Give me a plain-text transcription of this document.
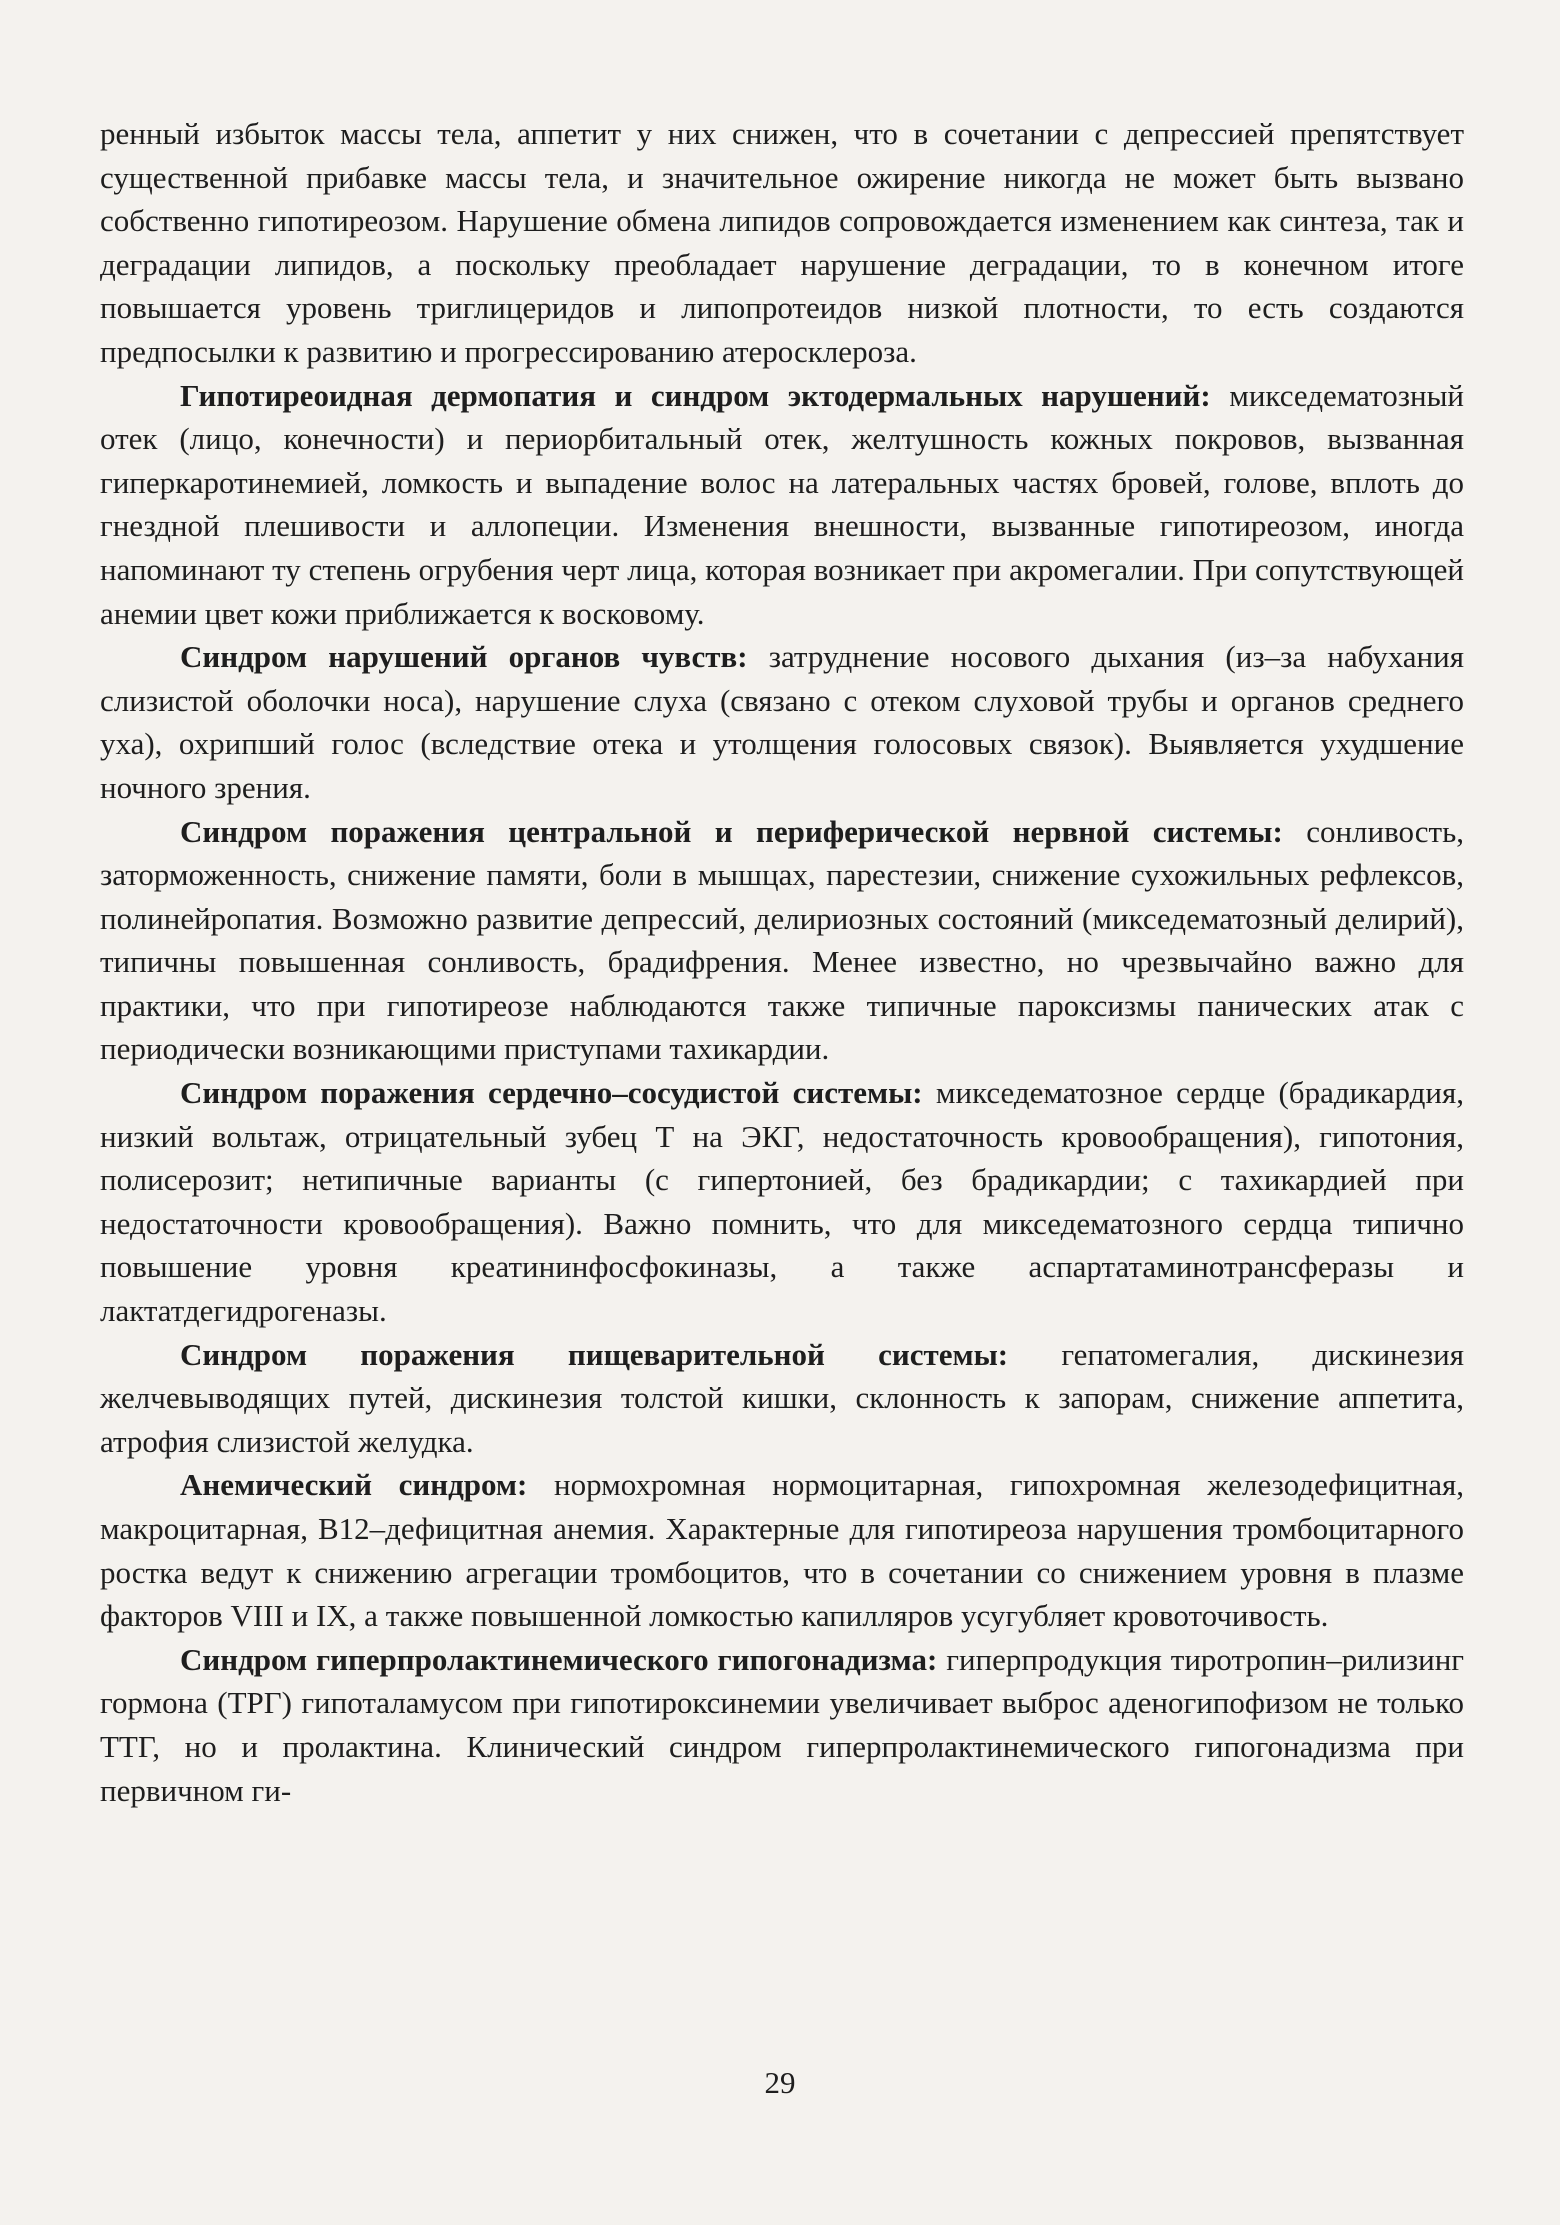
ренный избыток массы тела, аппетит у них снижен, что в сочетании с депрессией препятствует существенной прибавке массы тела, и значительное ожирение никогда не может быть вызвано собственно гипотиреозом. Нарушение обмена липидов сопровождается изменением как синтеза, так и деградации липидов, а поскольку преобладает нарушение деградации, то в конечном итоге повышается уровень триглицеридов и липопротеидов низкой плотности, то есть создаются предпосылки к развитию и прогрессированию атеросклероза.

Гипотиреоидная дермопатия и синдром эктодермальных нарушений: микседематозный отек (лицо, конечности) и периорбитальный отек, желтушность кожных покровов, вызванная гиперкаротинемией, ломкость и выпадение волос на латеральных частях бровей, голове, вплоть до гнездной плешивости и аллопеции. Изменения внешности, вызванные гипотиреозом, иногда напоминают ту степень огрубения черт лица, которая возникает при акромегалии. При сопутствующей анемии цвет кожи приближается к восковому.

Синдром нарушений органов чувств: затруднение носового дыхания (из–за набухания слизистой оболочки носа), нарушение слуха (связано с отеком слуховой трубы и органов среднего уха), охрипший голос (вследствие отека и утолщения голосовых связок). Выявляется ухудшение ночного зрения.

Синдром поражения центральной и периферической нервной системы: сонливость, заторможенность, снижение памяти, боли в мышцах, парестезии, снижение сухожильных рефлексов, полинейропатия. Возможно развитие депрессий, делириозных состояний (микседематозный делирий), типичны повышенная сонливость, брадифрения. Менее известно, но чрезвычайно важно для практики, что при гипотиреозе наблюдаются также типичные пароксизмы панических атак с периодически возникающими приступами тахикардии.

Синдром поражения сердечно–сосудистой системы: микседематозное сердце (брадикардия, низкий вольтаж, отрицательный зубец Т на ЭКГ, недостаточность кровообращения), гипотония, полисерозит; нетипичные варианты (с гипертонией, без брадикардии; с тахикардией при недостаточности кровообращения). Важно помнить, что для микседематозного сердца типично повышение уровня креатининфосфокиназы, а также аспартатаминотрансферазы и лактатдегидрогеназы.

Синдром поражения пищеварительной системы: гепатомегалия, дискинезия желчевыводящих путей, дискинезия толстой кишки, склонность к запорам, снижение аппетита, атрофия слизистой желудка.

Анемический синдром: нормохромная нормоцитарная, гипохромная железодефицитная, макроцитарная, В12–дефицитная анемия. Характерные для гипотиреоза нарушения тромбоцитарного ростка ведут к снижению агрегации тромбоцитов, что в сочетании со снижением уровня в плазме факторов VIII и IX, а также повышенной ломкостью капилляров усугубляет кровоточивость.

Синдром гиперпролактинемического гипогонадизма: гиперпродукция тиротропин–рилизинг гормона (ТРГ) гипоталамусом при гипотироксинемии увеличивает выброс аденогипофизом не только ТТГ, но и пролактина. Клинический синдром гиперпролактинемического гипогонадизма при первичном ги-

29
